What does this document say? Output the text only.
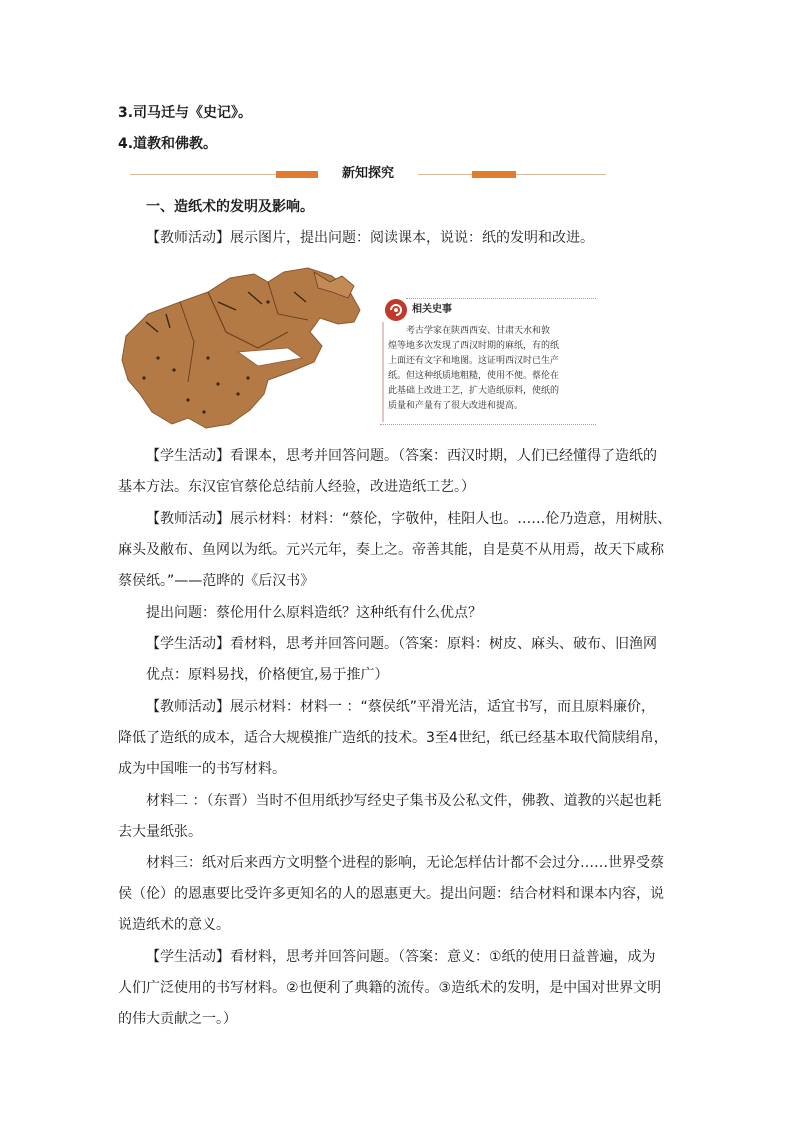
3.司马迁与《史记》。
4.道教和佛教。
新知探究
一、造纸术的发明及影响。
【教师活动】展示图片，提出问题：阅读课本，说说：纸的发明和改进。
相关史事
考古学家在陕西西安、甘肃天水和敦
煌等地多次发现了西汉时期的麻纸，有的纸
上面还有文字和地图。这证明西汉时已生产
纸。但这种纸质地粗糙，使用不便。蔡伦在
此基础上改进工艺，扩大造纸原料，使纸的
质量和产量有了很大改进和提高。
【学生活动】看课本，思考并回答问题。（答案：西汉时期，人们已经懂得了造纸的
基本方法。东汉宦官蔡伦总结前人经验，改进造纸工艺。）
【教师活动】展示材料：材料：“蔡伦，字敬仲，桂阳人也。……伦乃造意，用树肤、
麻头及敝布、鱼网以为纸。元兴元年，奏上之。帝善其能，自是莫不从用焉，故天下咸称
蔡侯纸。”——范晔的《后汉书》
提出问题：蔡伦用什么原料造纸？这种纸有什么优点？
【学生活动】看材料，思考并回答问题。（答案：原料：树皮、麻头、破布、旧渔网
优点：原料易找，价格便宜,易于推广）
【教师活动】展示材料：材料一 ：“蔡侯纸”平滑光洁，适宜书写，而且原料廉价，
降低了造纸的成本，适合大规模推广造纸的技术。3至4世纪，纸已经基本取代简牍绢帛，
成为中国唯一的书写材料。
材料二 ：（东晋）当时不但用纸抄写经史子集书及公私文件，佛教、道教的兴起也耗
去大量纸张。
材料三：纸对后来西方文明整个进程的影响，无论怎样估计都不会过分……世界受蔡
侯（伦）的恩惠要比受许多更知名的人的恩惠更大。提出问题：结合材料和课本内容，说
说造纸术的意义。
【学生活动】看材料，思考并回答问题。（答案：意义：①纸的使用日益普遍，成为
人们广泛使用的书写材料。②也便利了典籍的流传。③造纸术的发明，是中国对世界文明
的伟大贡献之一。）
